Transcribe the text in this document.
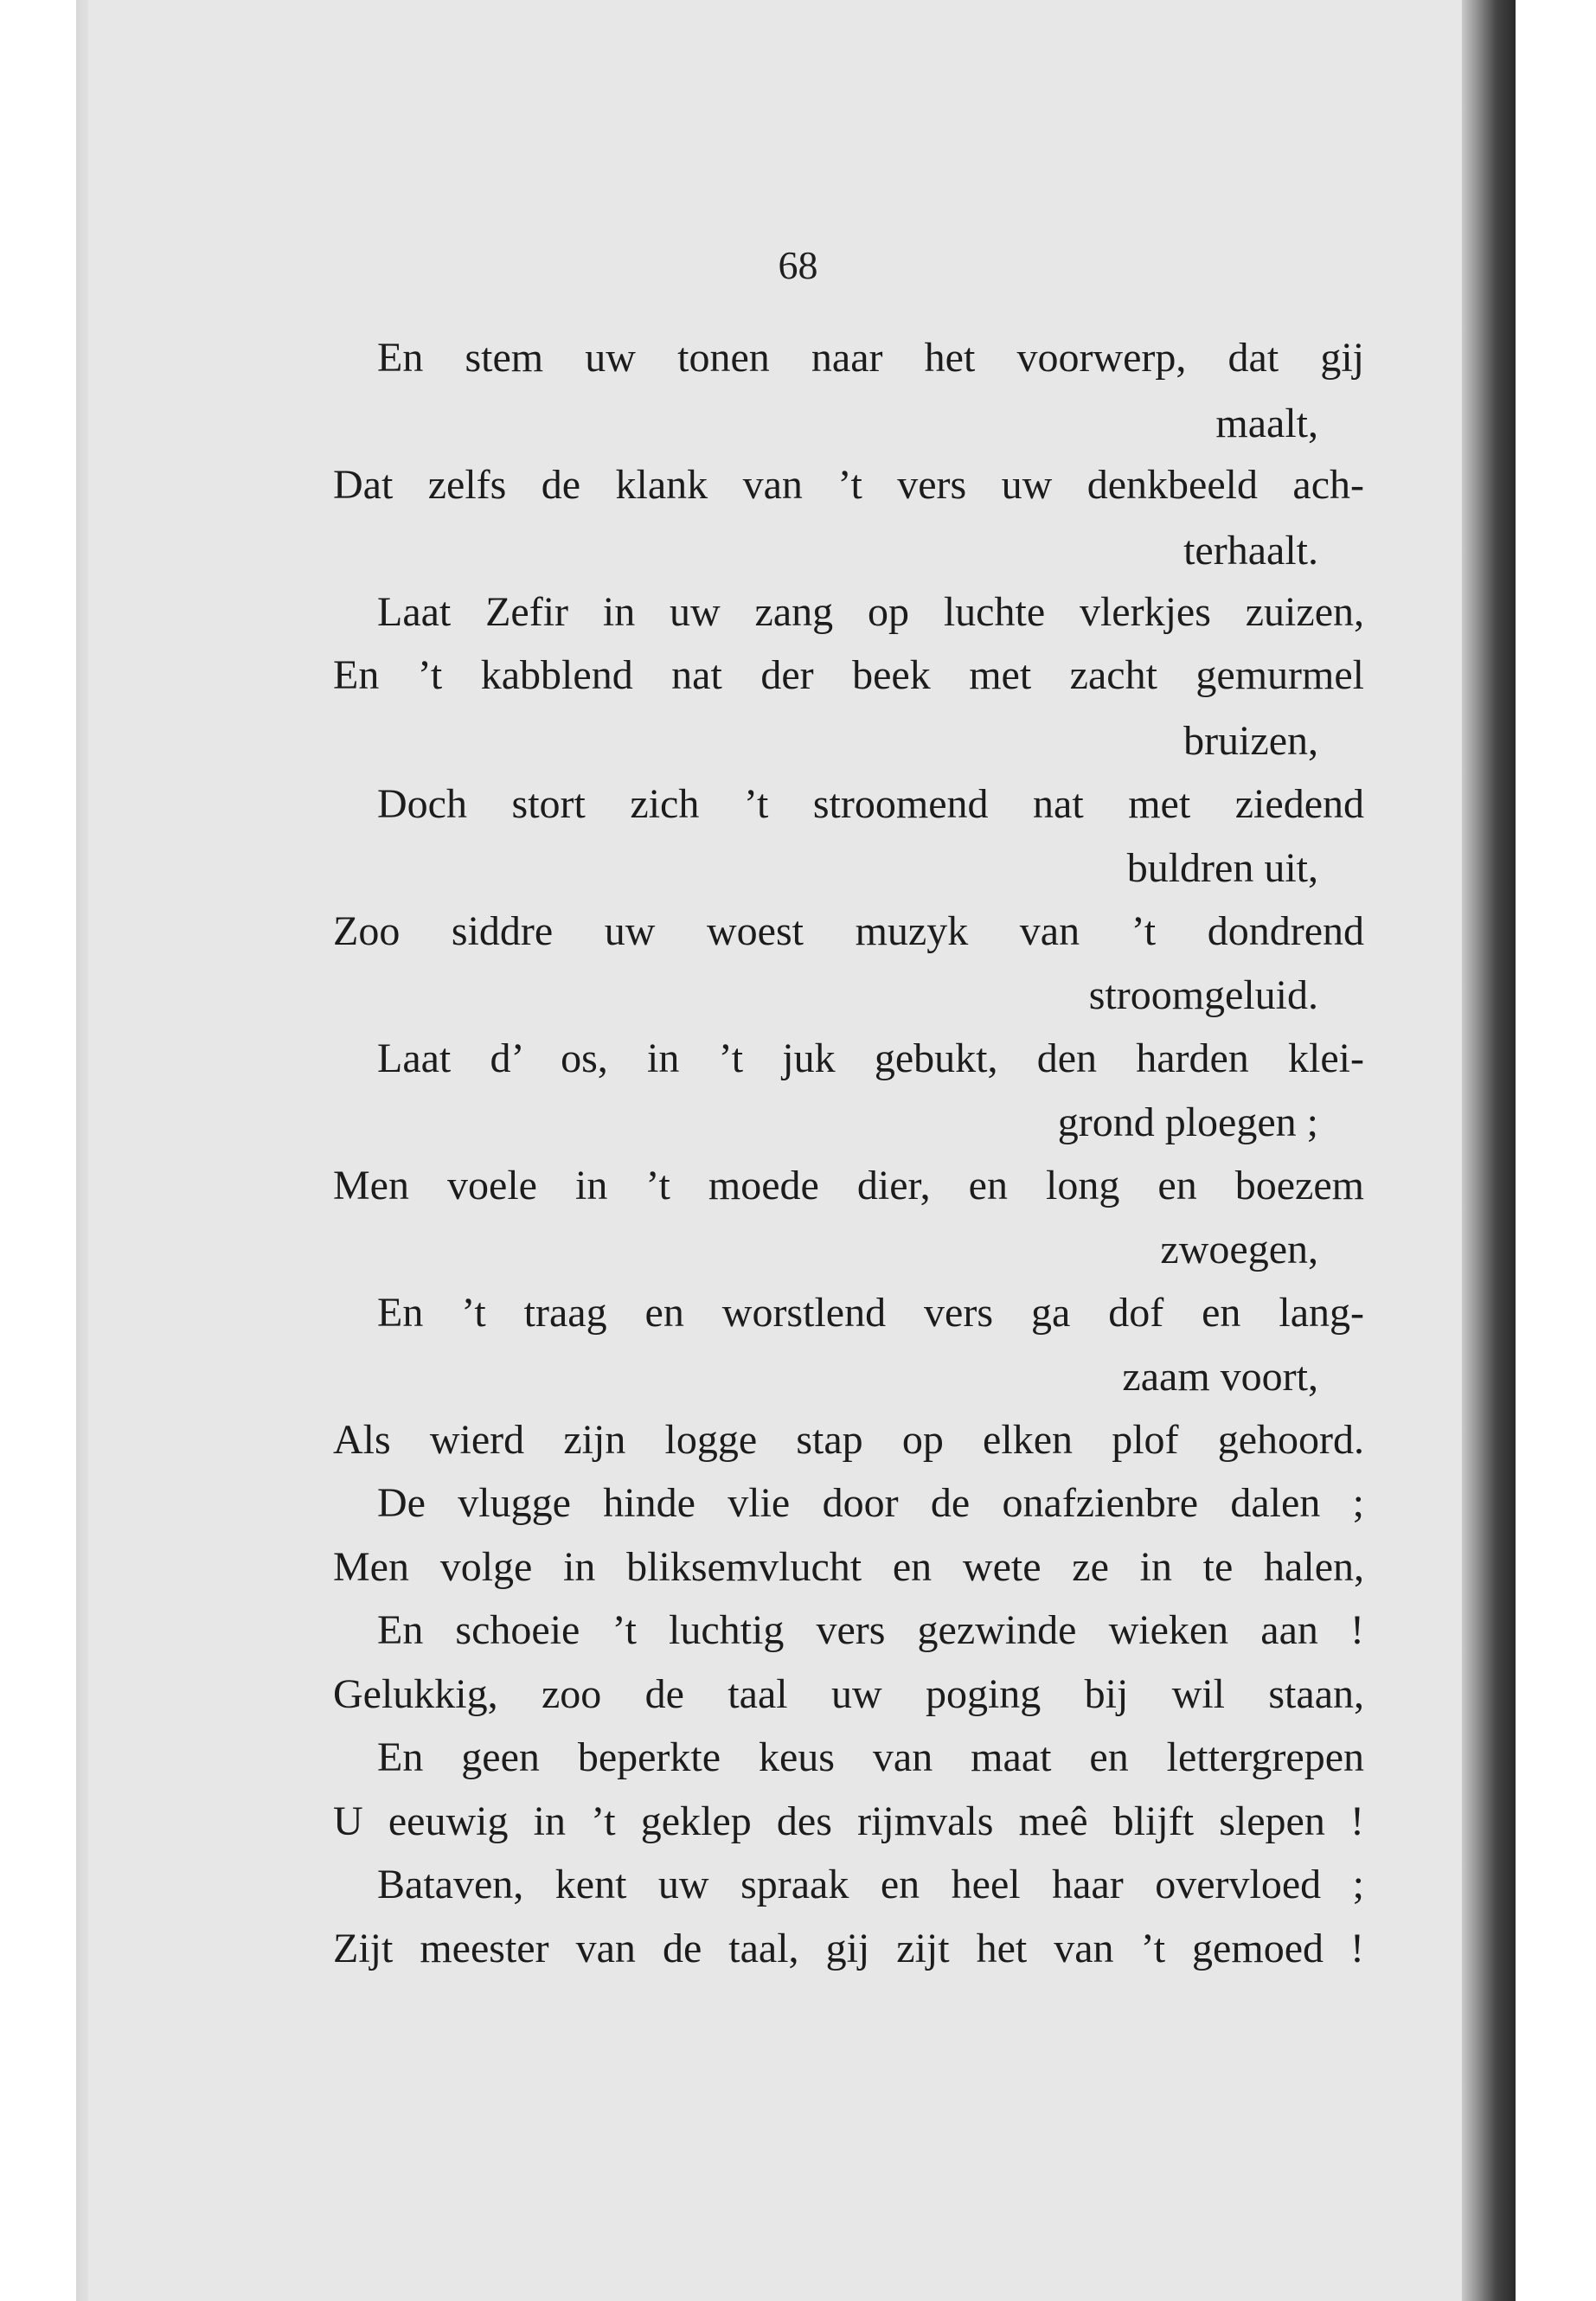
68
En stem uw tonen naar het voorwerp, dat gij
maalt,
Dat zelfs de klank van ’t vers uw denkbeeld ach-
terhaalt.
Laat Zefir in uw zang op luchte vlerkjes zuizen,
En ’t kabblend nat der beek met zacht gemurmel
bruizen,
Doch stort zich ’t stroomend nat met ziedend
buldren uit,
Zoo siddre uw woest muzyk van ’t dondrend
stroomgeluid.
Laat d’ os, in ’t juk gebukt, den harden klei-
grond ploegen ;
Men voele in ’t moede dier, en long en boezem
zwoegen,
En ’t traag en worstlend vers ga dof en lang-
zaam voort,
Als wierd zijn logge stap op elken plof gehoord.
De vlugge hinde vlie door de onafzienbre dalen ;
Men volge in bliksemvlucht en wete ze in te halen,
En schoeie ’t luchtig vers gezwinde wieken aan !
Gelukkig, zoo de taal uw poging bij wil staan,
En geen beperkte keus van maat en lettergrepen
U eeuwig in ’t geklep des rijmvals meê blijft slepen !
Bataven, kent uw spraak en heel haar overvloed ;
Zijt meester van de taal, gij zijt het van ’t gemoed !
